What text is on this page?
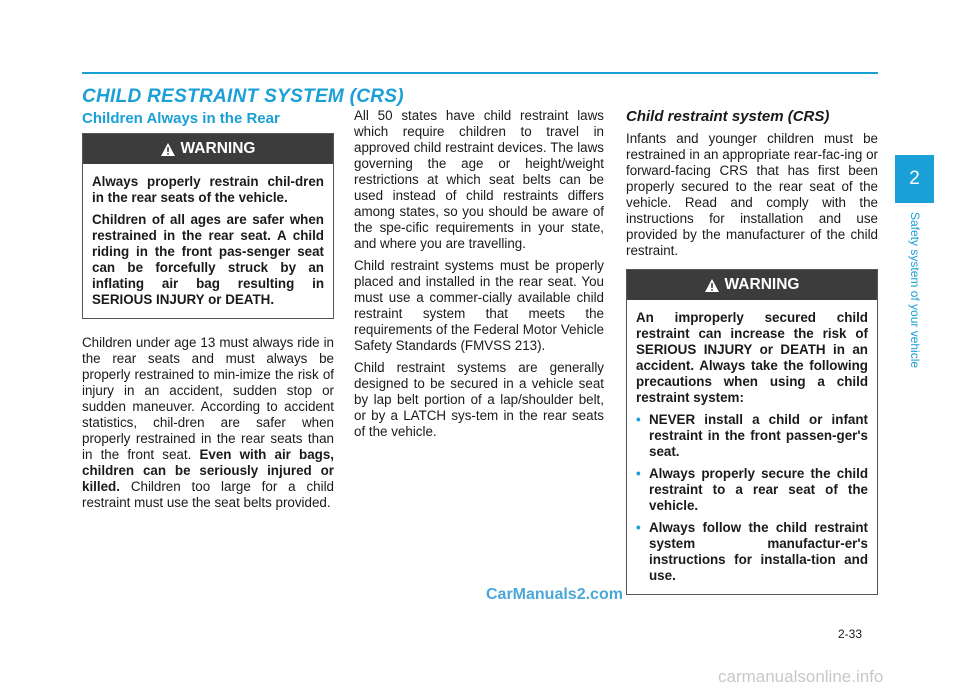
CHILD RESTRAINT SYSTEM (CRS)
Children Always in the Rear
WARNING

Always properly restrain chil-dren in the rear seats of the vehicle.

Children of all ages are safer when restrained in the rear seat. A child riding in the front pas-senger seat can be forcefully struck by an inflating air bag resulting in SERIOUS INJURY or DEATH.

Children under age 13 must always ride in the rear seats and must always be properly restrained to min-imize the risk of injury in an accident, sudden stop or sudden maneuver. According to accident statistics, chil-dren are safer when properly restrained in the rear seats than in the front seat. Even with air bags, children can be seriously injured or killed. Children too large for a child restraint must use the seat belts provided.

All 50 states have child restraint laws which require children to travel in approved child restraint devices. The laws governing the age or height/weight restrictions at which seat belts can be used instead of child restraints differs among states, so you should be aware of the spe-cific requirements in your state, and where you are travelling.

Child restraint systems must be properly placed and installed in the rear seat. You must use a commer-cially available child restraint system that meets the requirements of the Federal Motor Vehicle Safety Standards (FMVSS 213).

Child restraint systems are generally designed to be secured in a vehicle seat by lap belt portion of a lap/shoulder belt, or by a LATCH sys-tem in the rear seats of the vehicle.

Child restraint system (CRS)

Infants and younger children must be restrained in an appropriate rear-fac-ing or forward-facing CRS that has first been properly secured to the rear seat of the vehicle. Read and comply with the instructions for installation and use provided by the manufacturer of the child restraint.

WARNING

An improperly secured child restraint can increase the risk of SERIOUS INJURY or DEATH in an accident. Always take the following precautions when using a child restraint system:

• NEVER install a child or infant restraint in the front passen-ger's seat.
• Always properly secure the child restraint to a rear seat of the vehicle.
• Always follow the child restraint system manufactur-er's instructions for installa-tion and use.
2
Safety system of your vehicle
2-33
CarManuals2.com
carmanualsonline.info
